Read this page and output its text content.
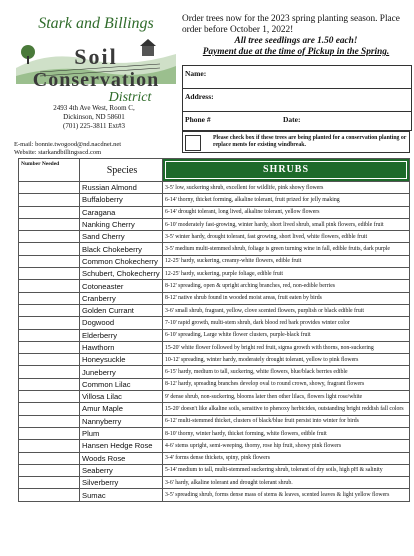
Stark and Billings
Soil
Conservation
District
2493 4th Ave West, Room C,
Dickinson, ND 58601
(701) 225-3811 Ext#3
E-mail: bonnie.twogood@nd.nacdnet.net
Website: starkandbillingsscd.com
Order trees now for the 2023 spring planting season. Place order before October 1, 2022!
All tree seedlings are 1.50 each!
Payment due at the time of Pickup in the Spring.
Name:
Address:
Phone #	Date:
Please check box if these trees are being planted for a conservation planting or replace ments for existing windbreak.
Number Needed	Species	SHRUBS

	Russian Almond	3-5' low, suckering shrub, excellent for wildlife, pink showy flowers
	Buffaloberry	6-14' thorny, thicket forming, alkaline tolerant, fruit prized for jelly making
	Caragana	6-14' drought tolerant, long lived, alkaline tolerant, yellow flowers
	Nanking Cherry	6-10' moderately fast-growing, winter hardy, short lived shrub, small pink flowers, edible fruit
	Sand Cherry	3-5' winter hardy, drought tolerant, fast growing, short lived, white flowers, edible fruit
	Black Chokeberry	3-5' medium multi-stemmed shrub, foliage is green turning wine in fall, edible fruits, dark purple
	Common Chokecherry	12-25' hardy, suckering, creamy-white flowers, edible fruit
	Schubert, Chokecherry	12-25' hardy, suckering, purple foliage, edible fruit
	Cotoneaster	8-12' spreading, open & upright arching branches, red, non-edible berries
	Cranberry	8-12' native shrub found in wooded moist areas, fruit eaten by birds
	Golden Currant	3-6' small shrub, fragrant, yellow, clove scented flowers, purplish or black edible fruit
	Dogwood	7-10' rapid growth, multi-stem shrub, dark blood red bark provides winter color
	Elderberry	6-10' spreading, Large white flower clusters, purple-black fruit
	Hawthorn	15-20' white flower followed by bright red fruit, sigma growth with thorns, non-suckering
	Honeysuckle	10-12' spreading, winter hardy, moderately drought tolerant, yellow to pink flowers
	Juneberry	6-15' hardy, medium to tall, suckering, white flowers, blue/black berries edible
	Common Lilac	8-12' hardy, spreading branches develop oval to round crown, showy, fragrant flowers
	Villosa Lilac	9' dense shrub, non-suckering, blooms later then other lilacs, flowers light rose/white
	Amur Maple	15-20' doesn't like alkaline soils, sensitive to phenoxy herbicides, outstanding bright reddish fall colors
	Nannyberry	6-12' multi-stemmed thicket, clusters of black/blue fruit persist into winter for birds
	Plum	8-10' thorny, winter hardy, thicket forming, white flowers, edible fruit
	Hansen Hedge Rose	4-6' stems upright, semi-weeping, thorny, rose hip fruit, showy pink flowers
	Woods Rose	3-4' forms dense thickets, spiny, pink flowers
	Seaberry	5-14' medium to tall, multi-stemmed suckering shrub, tolerant of dry soils, high pH & salinity
	Silverberry	3-6' hardy, alkaline tolerant and drought tolerant shrub.
	Sumac	3-5' spreading shrub, forms dense mass of stems & leaves, scented leaves & light yellow flowers
